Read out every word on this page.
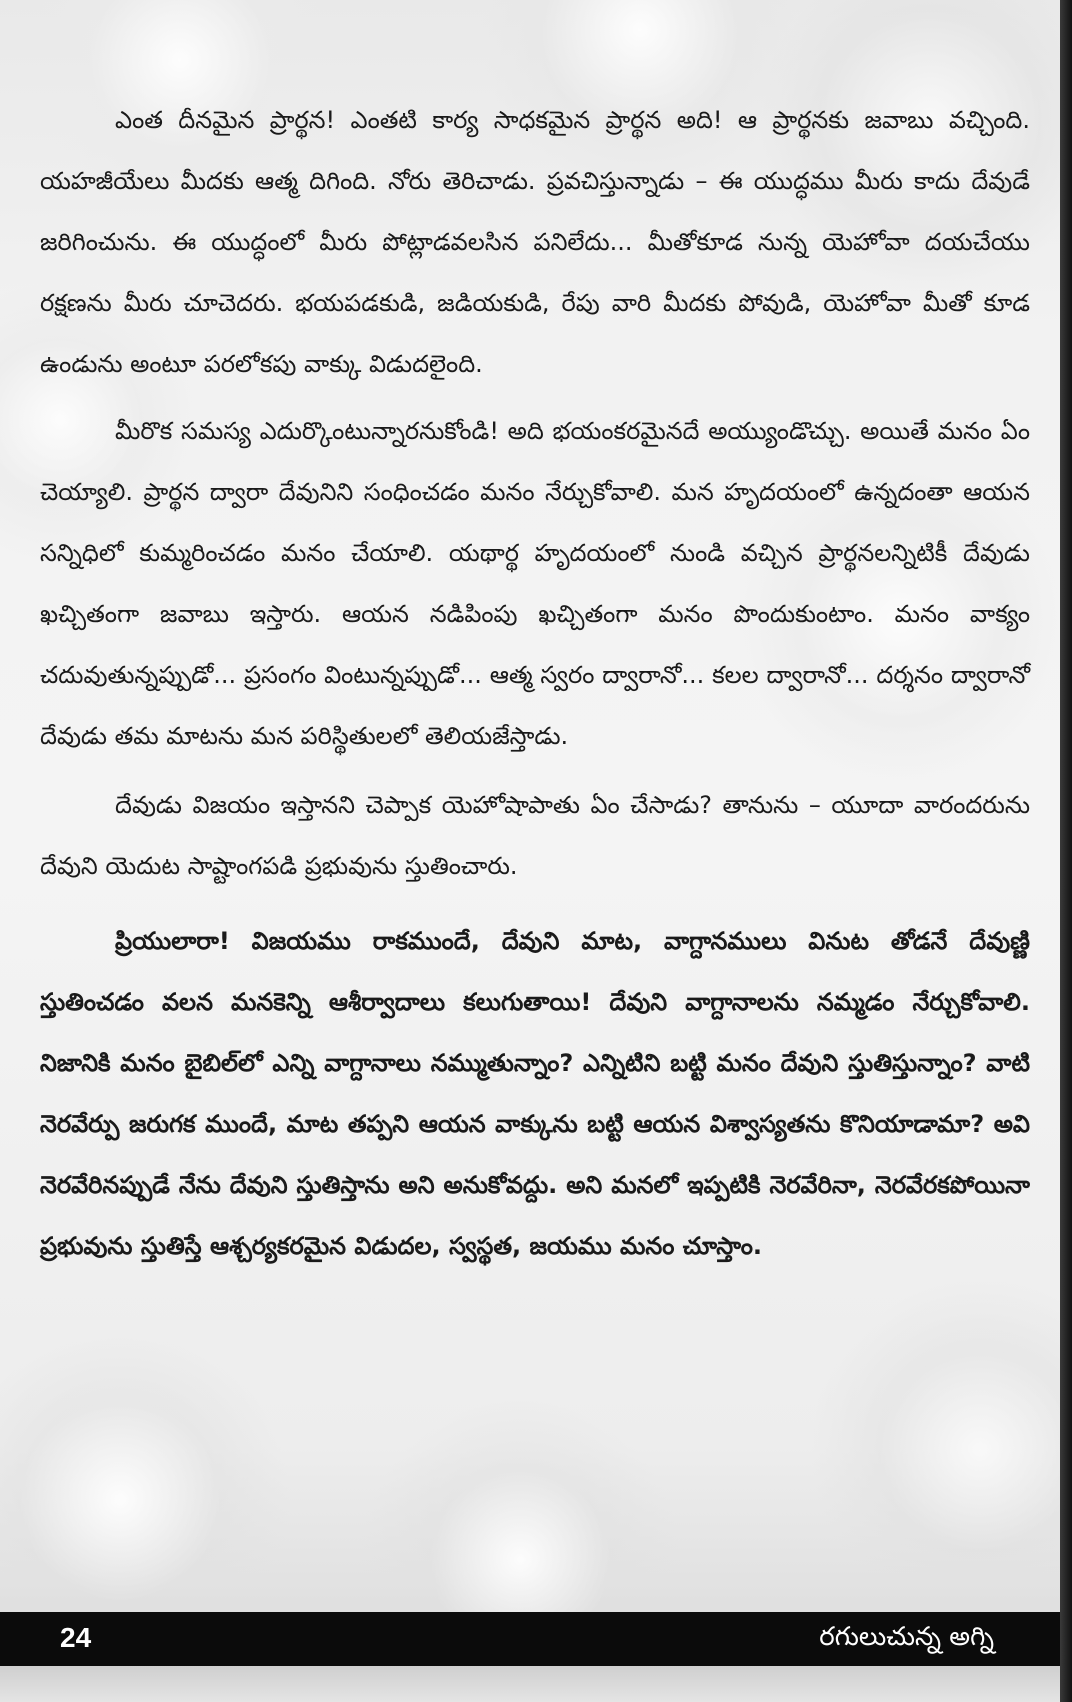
ఎంత దీనమైన ప్రార్థన! ఎంతటి కార్య సాధకమైన ప్రార్థన అది! ఆ ప్రార్థనకు జవాబు వచ్చింది. యహజీయేలు మీదకు ఆత్మ దిగింది. నోరు తెరిచాడు. ప్రవచిస్తున్నాడు – ఈ యుద్ధము మీరు కాదు దేవుడే జరిగించును. ఈ యుద్ధంలో మీరు పోట్లాడవలసిన పనిలేదు... మీతోకూడ నున్న యెహోవా దయచేయు రక్షణను మీరు చూచెదరు. భయపడకుడి, జడియకుడి, రేపు వారి మీదకు పోవుడి, యెహోవా మీతో కూడ ఉండును అంటూ పరలోకపు వాక్కు విడుదలైంది.

మీరొక సమస్య ఎదుర్కొంటున్నారనుకోండి! అది భయంకరమైనదే అయ్యుండొచ్చు. అయితే మనం ఏం చెయ్యాలి. ప్రార్థన ద్వారా దేవునిని సంధించడం మనం నేర్చుకోవాలి. మన హృదయంలో ఉన్నదంతా ఆయన సన్నిధిలో కుమ్మరించడం మనం చేయాలి. యథార్థ హృదయంలో నుండి వచ్చిన ప్రార్థనలన్నిటికీ దేవుడు ఖచ్చితంగా జవాబు ఇస్తారు. ఆయన నడిపింపు ఖచ్చితంగా మనం పొందుకుంటాం. మనం వాక్యం చదువుతున్నప్పుడో... ప్రసంగం వింటున్నప్పుడో... ఆత్మ స్వరం ద్వారానో... కలల ద్వారానో... దర్శనం ద్వారానో దేవుడు తమ మాటను మన పరిస్థితులలో తెలియజేస్తాడు.

దేవుడు విజయం ఇస్తానని చెప్పాక యెహోషాపాతు ఏం చేసాడు? తానును – యూదా వారందరును దేవుని యెదుట సాష్టాంగపడి ప్రభువును స్తుతించారు.

ప్రియులారా! విజయము రాకముందే, దేవుని మాట, వాగ్దానములు వినుట తోడనే దేవుణ్ణి స్తుతించడం వలన మనకెన్ని ఆశీర్వాదాలు కలుగుతాయి! దేవుని వాగ్దానాలను నమ్మడం నేర్చుకోవాలి. నిజానికి మనం బైబిల్‌లో ఎన్ని వాగ్దానాలు నమ్ముతున్నాం? ఎన్నిటిని బట్టి మనం దేవుని స్తుతిస్తున్నాం? వాటి నెరవేర్పు జరుగక ముందే, మాట తప్పని ఆయన వాక్కును బట్టి ఆయన విశ్వాస్యతను కొనియాడామా? అవి నెరవేరినప్పుడే నేను దేవుని స్తుతిస్తాను అని అనుకోవద్దు. అని మనలో ఇప్పటికి నెరవేరినా, నెరవేరకపోయినా ప్రభువును స్తుతిస్తే ఆశ్చర్యకరమైన విడుదల, స్వస్థత, జయము మనం చూస్తాం.

24	రగులుచున్న అగ్ని
